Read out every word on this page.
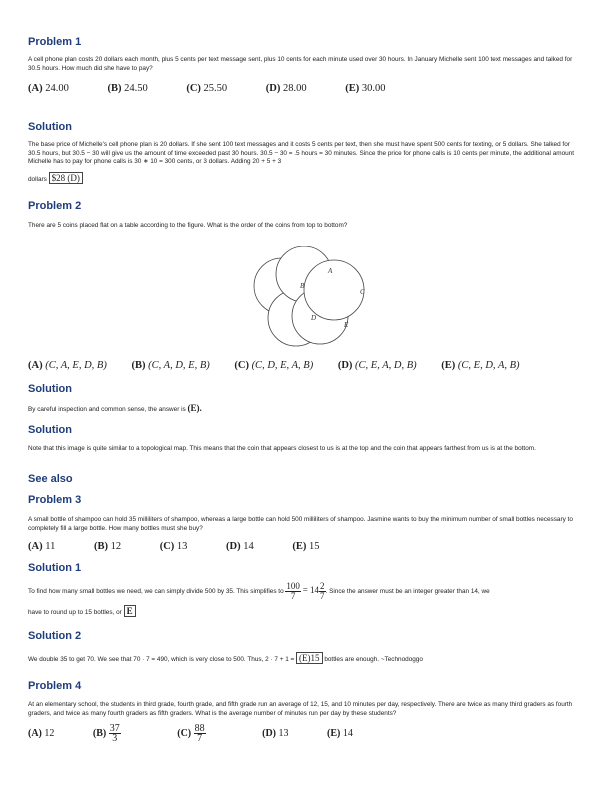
Problem 1
A cell phone plan costs 20 dollars each month, plus 5 cents per text message sent, plus 10 cents for each minute used over 30 hours. In January Michelle sent 100 text messages and talked for 30.5 hours. How much did she have to pay?
(A) 24.00	(B) 24.50	(C) 25.50	(D) 28.00	(E) 30.00
Solution
The base price of Michelle's cell phone plan is 20 dollars. If she sent 100 text messages and it costs 5 cents per text, then she must have spent 500 cents for texting, or 5 dollars. She talked for 30.5 hours, but 30.5 − 30 will give us the amount of time exceeded past 30 hours. 30.5 − 30 = .5 hours = 30 minutes. Since the price for phone calls is 10 cents per minute, the additional amount Michelle has to pay for phone calls is 30 ∗ 10 = 300 cents, or 3 dollars. Adding 20 + 5 + 3
dollars $28 (D)
Problem 2
There are 5 coins placed flat on a table according to the figure. What is the order of the coins from top to bottom?
A
B
C
D
E
(A) (C, A, E, D, B) (B) (C, A, D, E, B) (C) (C, D, E, A, B) (D) (C, E, A, D, B) (E) (C, E, D, A, B)
Solution
By careful inspection and common sense, the answer is (E).
Solution
Note that this image is quite similar to a topological map. This means that the coin that appears closest to us is at the top and the coin that appears farthest from us is at the bottom.
See also
Problem 3
A small bottle of shampoo can hold 35 milliliters of shampoo, whereas a large bottle can hold 500 milliliters of shampoo. Jasmine wants to buy the minimum number of small bottles necessary to completely fill a large bottle. How many bottles must she buy?
(A) 11	(B) 12	(C) 13	(D) 14	(E) 15
Solution 1
To find how many small bottles we need, we can simply divide 500 by 35. This simplifies to $\frac{100}{7} = 14 \frac{2}{7}$ . Since the answer must be an integer greater than 14, we
have to round up to 15 bottles, or E
Solution 2
We double 35 to get 70. We see that 70 · 7 = 490, which is very close to 500. Thus, 2 · 7 + 1 = (E)15 bottles are enough. ~Technodoggo
Problem 4
At an elementary school, the students in third grade, fourth grade, and fifth grade run an average of 12, 15, and 10 minutes per day, respectively. There are twice as many third graders as fourth graders, and twice as many fourth graders as fifth graders. What is the average number of minutes run per day by these students?
(A) 12	$(B) \frac{37}{3}$	$(C) \frac{88}{7}$	(D) 13	(E) 14
